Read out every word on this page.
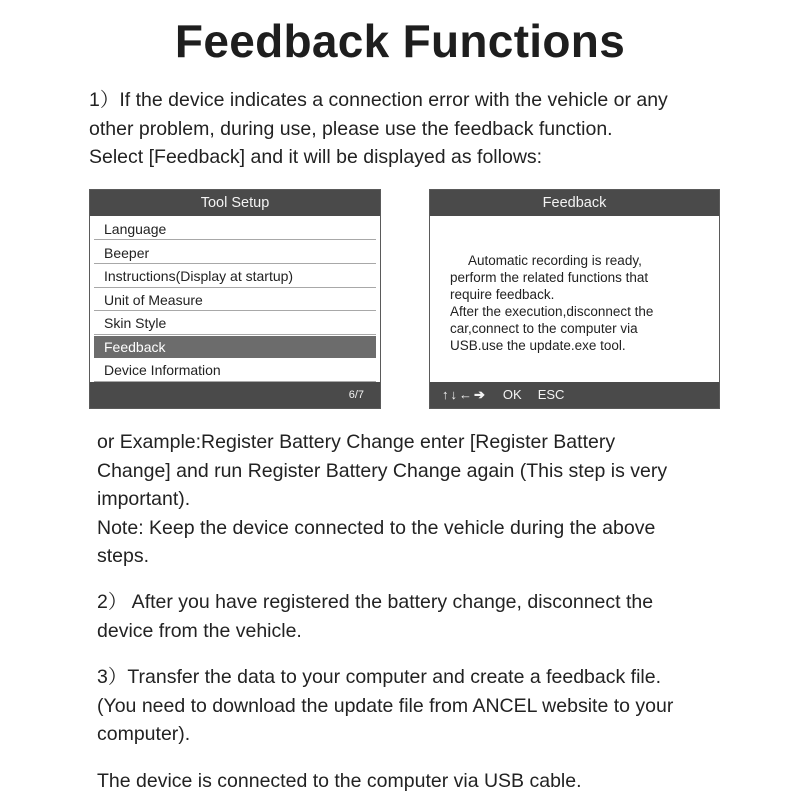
Feedback Functions

1）If the device indicates a connection error with the vehicle or any
other problem, during use, please use the feedback function.
Select [Feedback] and it will be displayed as follows:

Tool Setup
Language
Beeper
Instructions(Display at startup)
Unit of Measure
Skin Style
Feedback
Device Information
6/7
Feedback
Automatic recording is ready,
perform the related functions that
require feedback.
After the execution,disconnect the
car,connect to the computer via
USB.use the update.exe tool.
↑ ↓ ← ➔ OK ESC

or Example:Register Battery Change enter [Register Battery
Change] and run Register Battery Change again (This step is very
important).
Note: Keep the device connected to the vehicle during the above
steps.

2） After you have registered the battery change, disconnect the
device from the vehicle.

3）Transfer the data to your computer and create a feedback file.
(You need to download the update file from ANCEL website to your
computer).

The device is connected to the computer via USB cable.
